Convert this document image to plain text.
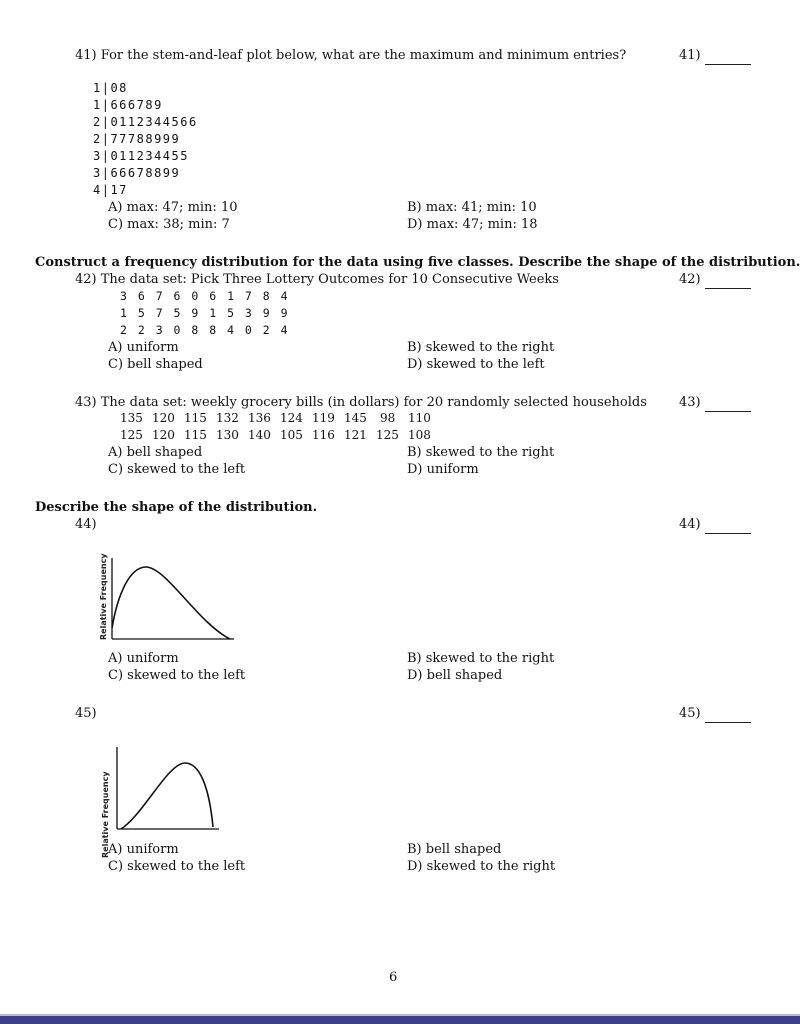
41) For the stem-and-leaf plot below, what are the maximum and minimum entries?	41)
1|08
1|666789
2|0112344566
2|77788999
3|011234455
3|66678899
4|17
A) max: 47; min: 10	B) max: 41; min: 10
C) max: 38; min: 7	D) max: 47; min: 18
Construct a frequency distribution for the data using five classes. Describe the shape of the distribution.
42) The data set: Pick Three Lottery Outcomes for 10 Consecutive Weeks	42)
3 6 7 6 0 6 1 7 8 4
1 5 7 5 9 1 5 3 9 9
2 2 3 0 8 8 4 0 2 4
A) uniform	B) skewed to the right
C) bell shaped	D) skewed to the left
43) The data set: weekly grocery bills (in dollars) for 20 randomly selected households 43)
135 120 115 132 136 124 119 145 98 110
125 120 115 130 140 105 116 121 125 108
A) bell shaped	B) skewed to the right
C) skewed to the left	D) uniform
Describe the shape of the distribution.
44)	44)
Relative Frequency
A) uniform	B) skewed to the right
C) skewed to the left	D) bell shaped
45)	45)
Relative Frequency
A) uniform	B) bell shaped
C) skewed to the left	D) skewed to the right
6
